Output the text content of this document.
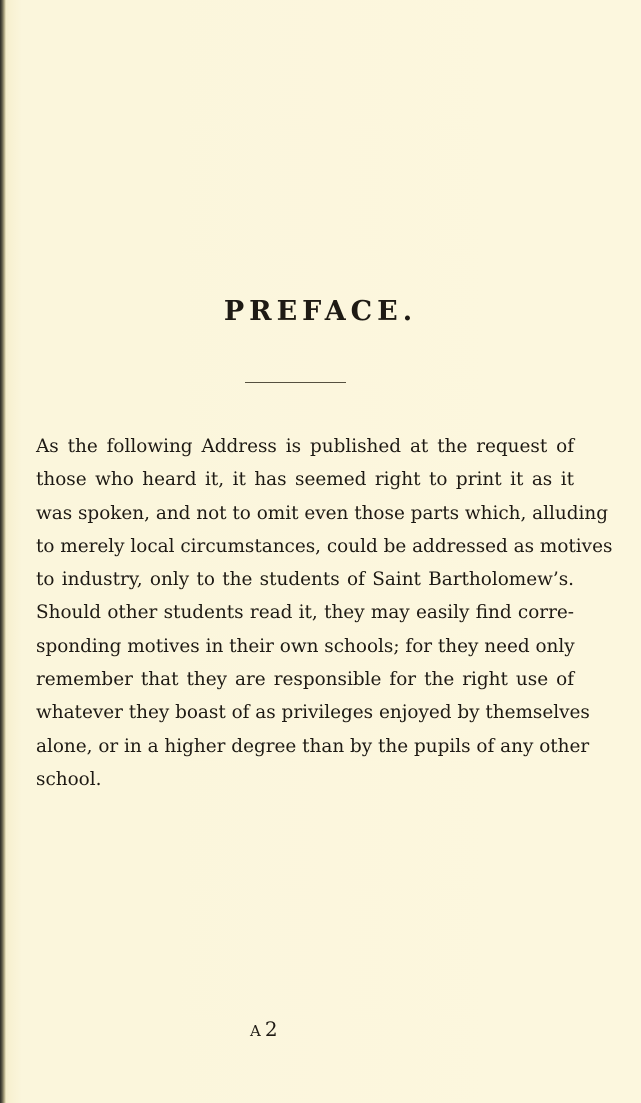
PREFACE.
As the following Address is published at the request of
those who heard it, it has seemed right to print it as it
was spoken, and not to omit even those parts which, alluding
to merely local circumstances, could be addressed as motives
to industry, only to the students of Saint Bartholomew’s.
Should other students read it, they may easily find corre-
sponding motives in their own schools; for they need only
remember that they are responsible for the right use of
whatever they boast of as privileges enjoyed by themselves
alone, or in a higher degree than by the pupils of any other
school.
A2
